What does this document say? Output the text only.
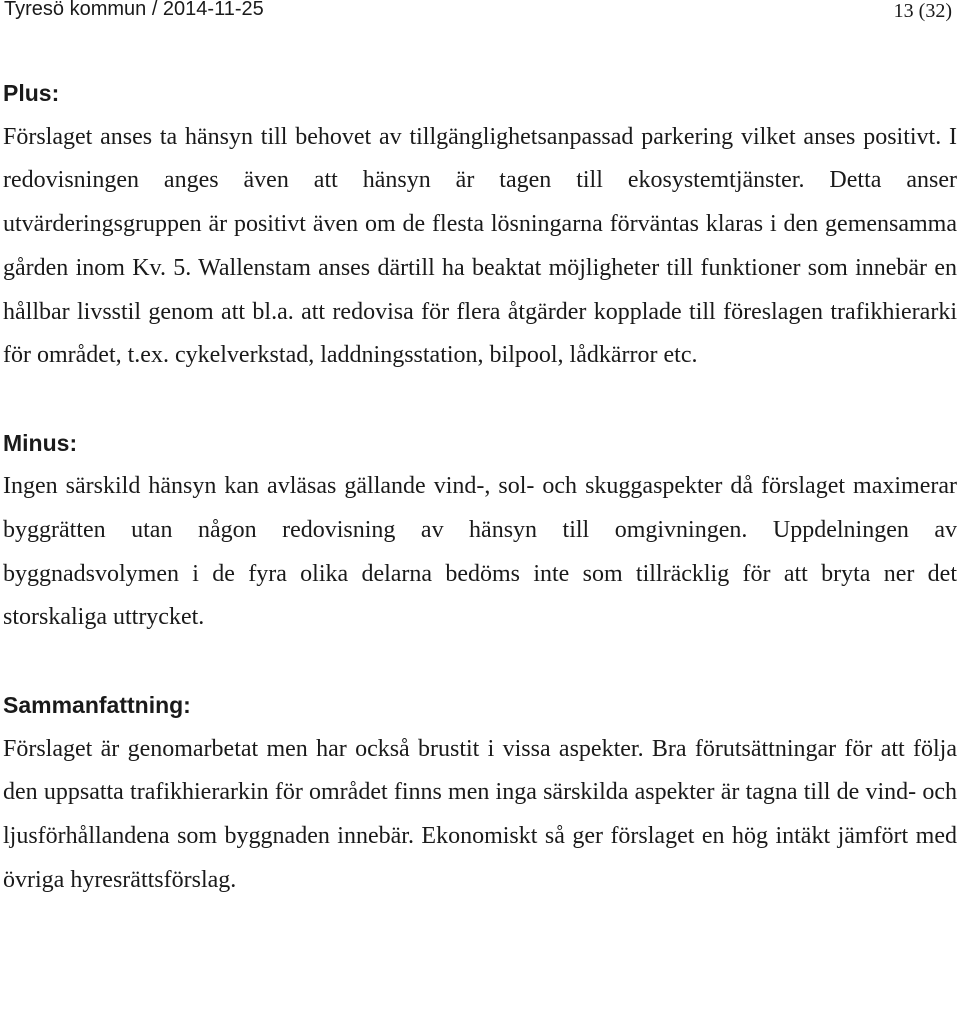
Tyresö kommun / 2014-11-25	13 (32)
Plus:

Förslaget anses ta hänsyn till behovet av tillgänglighetsanpassad parkering vilket anses positivt. I redovisningen anges även att hänsyn är tagen till ekosystemtjänster. Detta anser utvärderingsgruppen är positivt även om de flesta lösningarna förväntas klaras i den gemensamma gården inom Kv. 5. Wallenstam anses därtill ha beaktat möjligheter till funktioner som innebär en hållbar livsstil genom att bl.a. att redovisa för flera åtgärder kopplade till föreslagen trafikhierarki för området, t.ex. cykelverkstad, laddningsstation, bilpool, lådkärror etc.

Minus:

Ingen särskild hänsyn kan avläsas gällande vind-, sol- och skuggaspekter då förslaget maximerar byggrätten utan någon redovisning av hänsyn till omgivningen. Uppdelningen av byggnadsvolymen i de fyra olika delarna bedöms inte som tillräcklig för att bryta ner det storskaliga uttrycket.

Sammanfattning:

Förslaget är genomarbetat men har också brustit i vissa aspekter. Bra förutsättningar för att följa den uppsatta trafikhierarkin för området finns men inga särskilda aspekter är tagna till de vind- och ljusförhållandena som byggnaden innebär. Ekonomiskt så ger förslaget en hög intäkt jämfört med övriga hyresrättsförslag.
